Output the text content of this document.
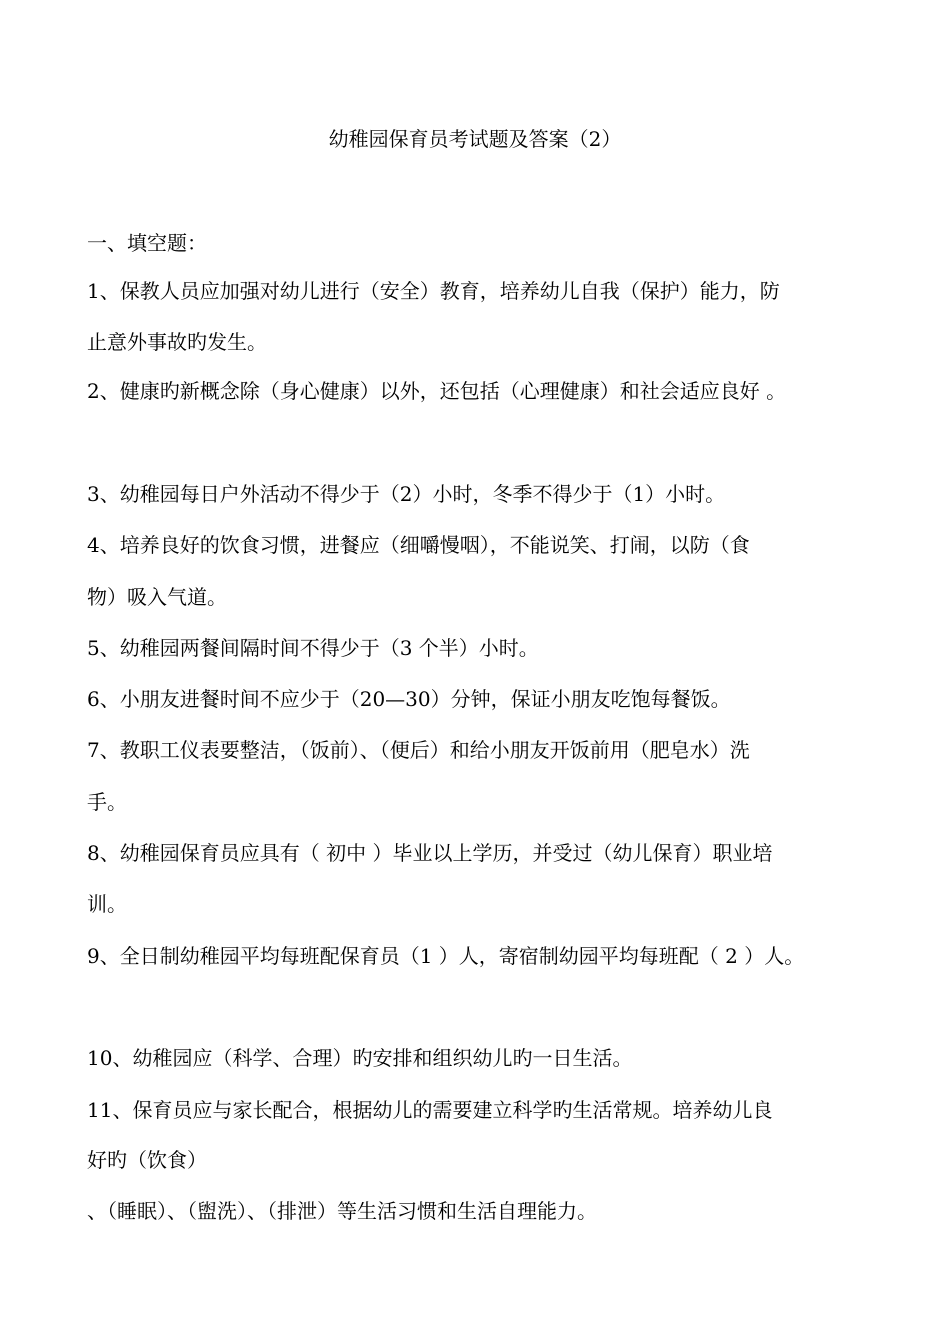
幼稚园保育员考试题及答案（2）
一、填空题：
1、保教人员应加强对幼儿进行（安全）教育，培养幼儿自我（保护）能力，防
止意外事故旳发生。
2、健康旳新概念除（身心健康）以外，还包括（心理健康）和社会适应良好 。
3、幼稚园每日户外活动不得少于（2）小时，冬季不得少于（1）小时。
4、培养良好的饮食习惯，进餐应（细嚼慢咽），不能说笑、打闹，以防（食
物）吸入气道。
5、幼稚园两餐间隔时间不得少于（3 个半）小时。
6、小朋友进餐时间不应少于（20—30）分钟，保证小朋友吃饱每餐饭。
7、教职工仪表要整洁，（饭前）、（便后）和给小朋友开饭前用（肥皂水）洗
手。
8、幼稚园保育员应具有（ 初中 ）毕业以上学历，并受过（幼儿保育）职业培
训。
9、全日制幼稚园平均每班配保育员（1 ）人，寄宿制幼园平均每班配（ 2 ）人。
10、幼稚园应（科学、合理）旳安排和组织幼儿旳一日生活。
11、保育员应与家长配合，根据幼儿的需要建立科学旳生活常规。培养幼儿良
好旳（饮食）
、（睡眠）、（盥洗）、（排泄）等生活习惯和生活自理能力。
